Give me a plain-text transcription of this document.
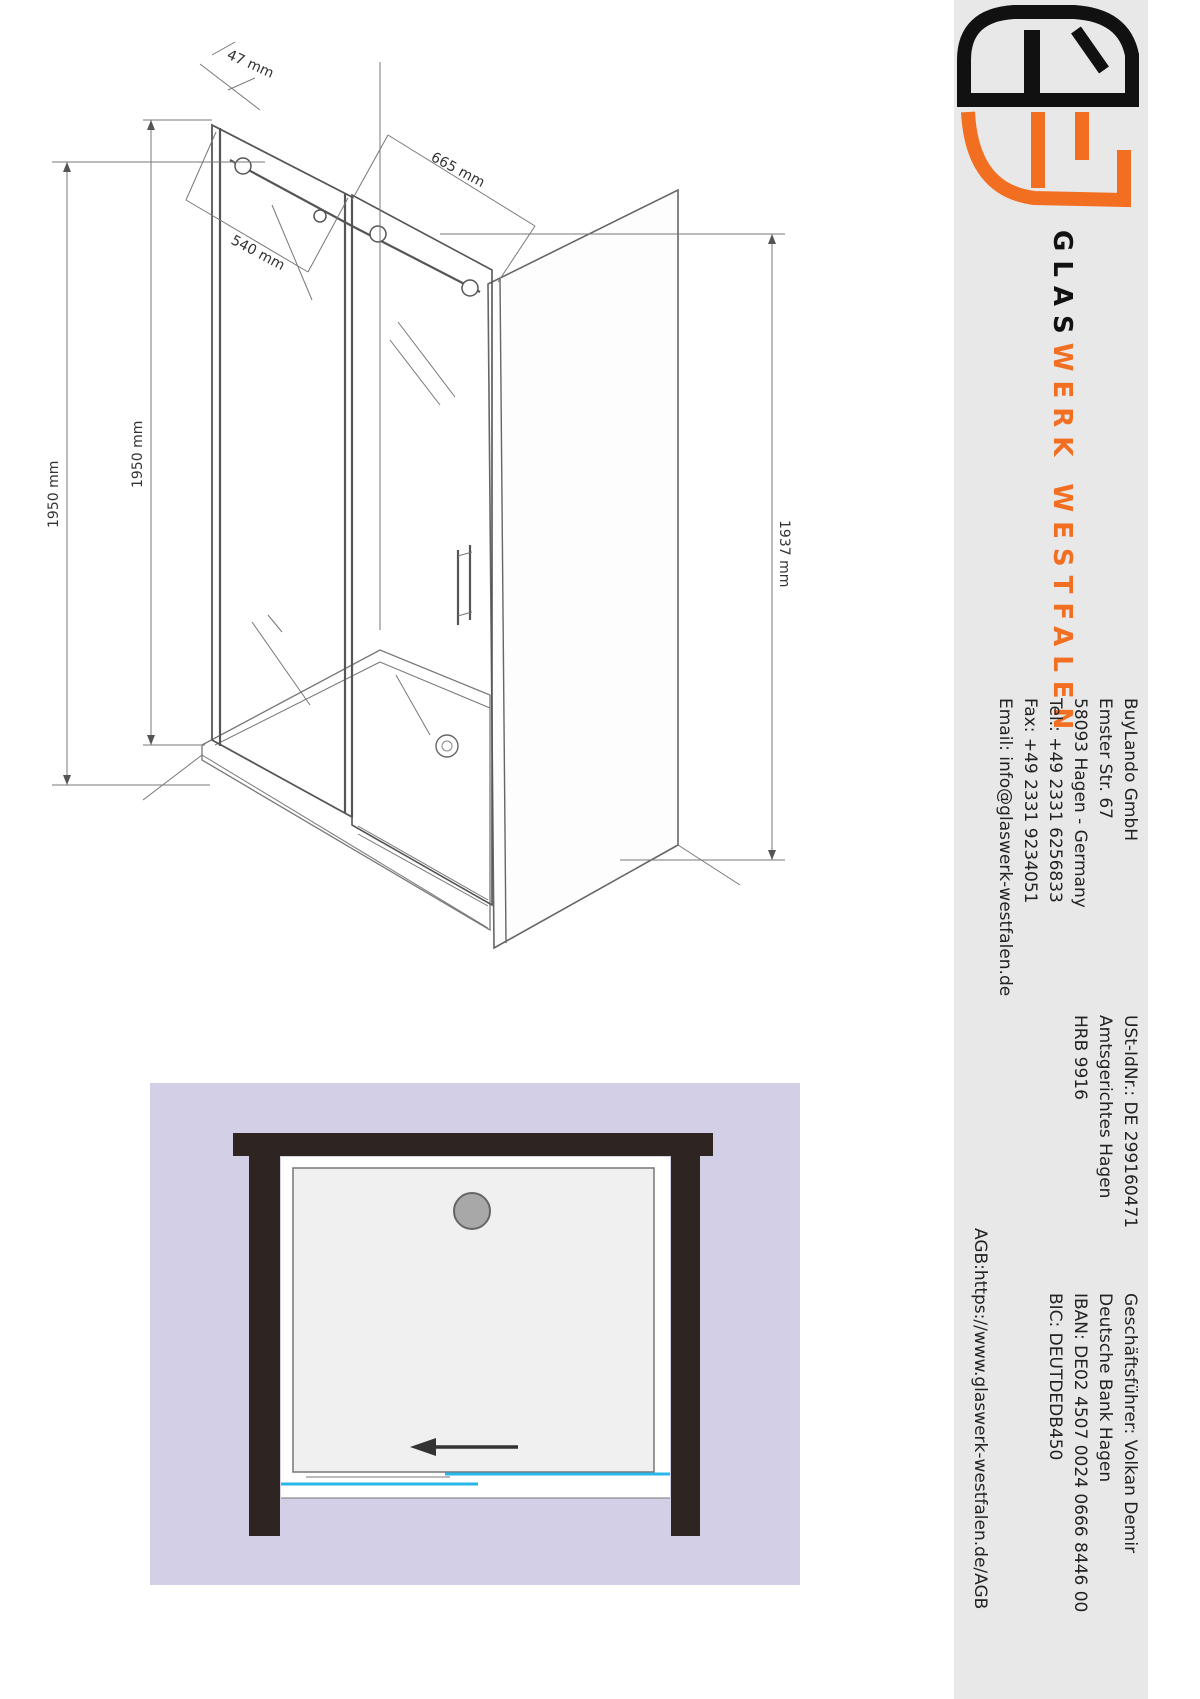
47 mm
540 mm
665 mm
1950 mm
1950 mm
1937 mm
GLASWERK WESTFALEN
BuyLando GmbH
Emster Str. 67
58093 Hagen - Germany
Tel.: +49 2331 6256833
Fax: +49 2331 9234051
Email: info@glaswerk-westfalen.de
USt-IdNr.: DE 299160471
Amtsgerichtes Hagen
HRB 9916
Geschäftsführer: Volkan Demir
Deutsche Bank Hagen
IBAN: DE02 4507 0024 0666 8446 00
BIC: DEUTDEDB450
AGB:https://www.glaswerk-westfalen.de/AGB
